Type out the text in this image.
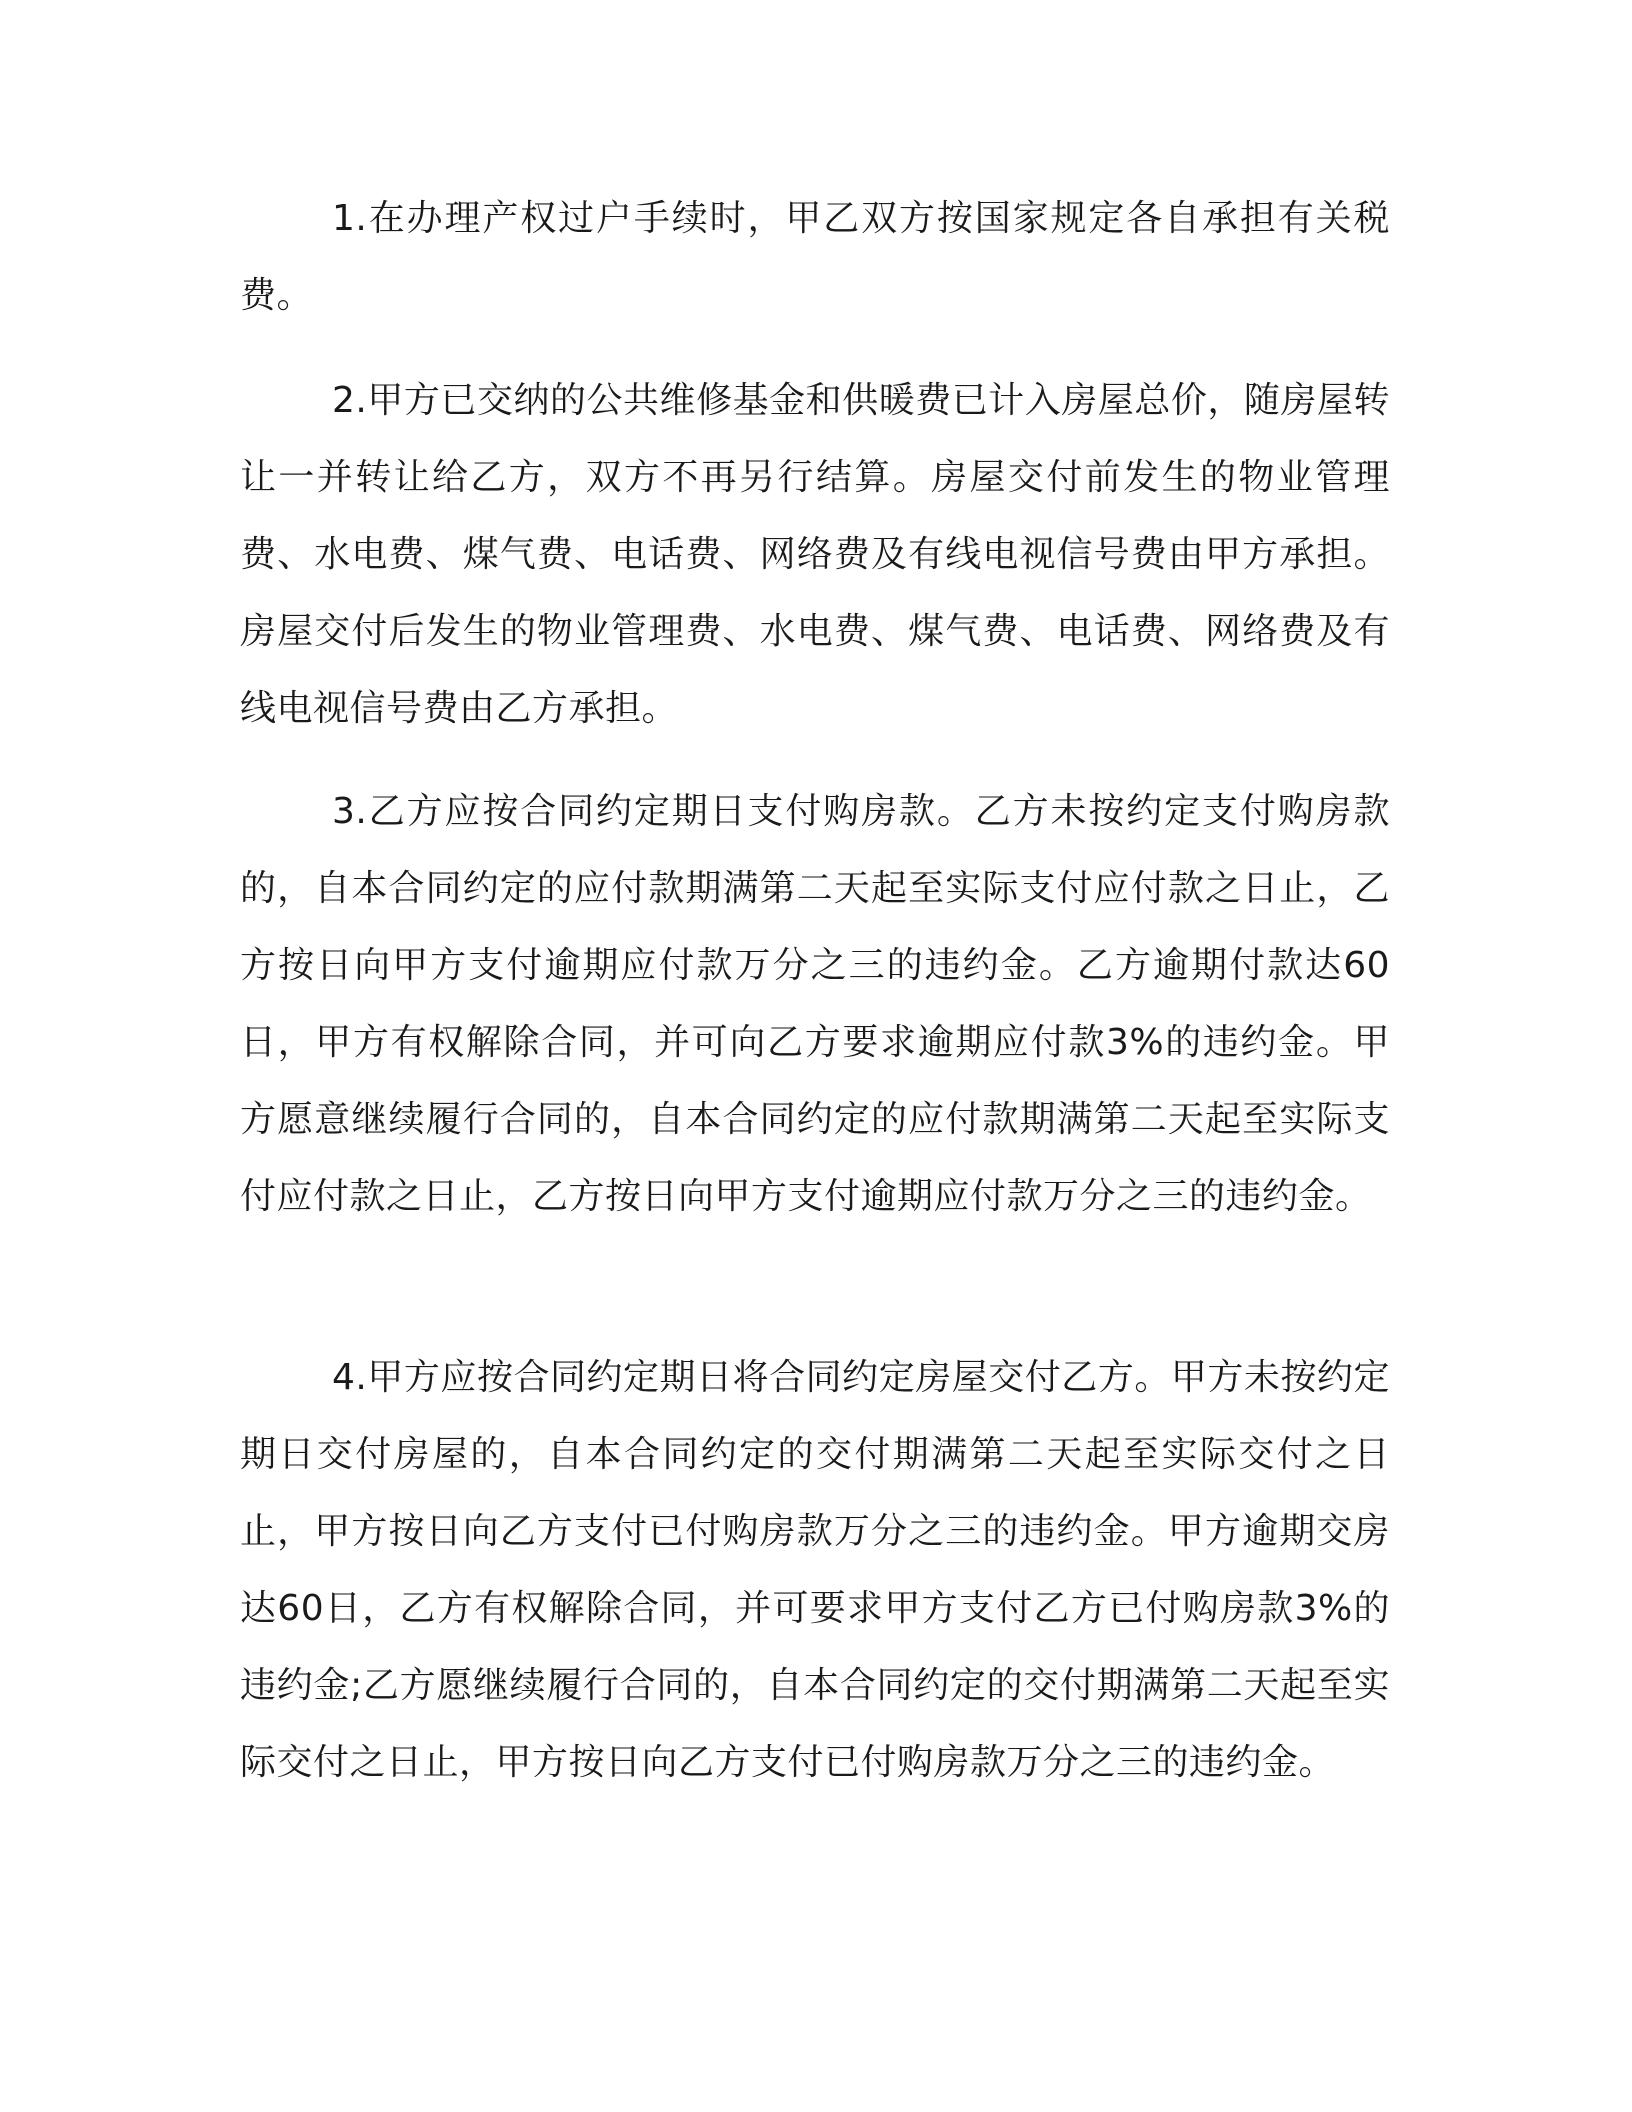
1.在办理产权过户手续时，甲乙双方按国家规定各自承担有关税费。

2.甲方已交纳的公共维修基金和供暖费已计入房屋总价，随房屋转让一并转让给乙方，双方不再另行结算。房屋交付前发生的物业管理费、水电费、煤气费、电话费、网络费及有线电视信号费由甲方承担。房屋交付后发生的物业管理费、水电费、煤气费、电话费、网络费及有线电视信号费由乙方承担。

3.乙方应按合同约定期日支付购房款。乙方未按约定支付购房款的，自本合同约定的应付款期满第二天起至实际支付应付款之日止，乙方按日向甲方支付逾期应付款万分之三的违约金。乙方逾期付款达60日，甲方有权解除合同，并可向乙方要求逾期应付款3%的违约金。甲方愿意继续履行合同的，自本合同约定的应付款期满第二天起至实际支付应付款之日止，乙方按日向甲方支付逾期应付款万分之三的违约金。

4.甲方应按合同约定期日将合同约定房屋交付乙方。甲方未按约定期日交付房屋的，自本合同约定的交付期满第二天起至实际交付之日止，甲方按日向乙方支付已付购房款万分之三的违约金。甲方逾期交房达60日，乙方有权解除合同，并可要求甲方支付乙方已付购房款3%的违约金;乙方愿继续履行合同的，自本合同约定的交付期满第二天起至实际交付之日止，甲方按日向乙方支付已付购房款万分之三的违约金。
